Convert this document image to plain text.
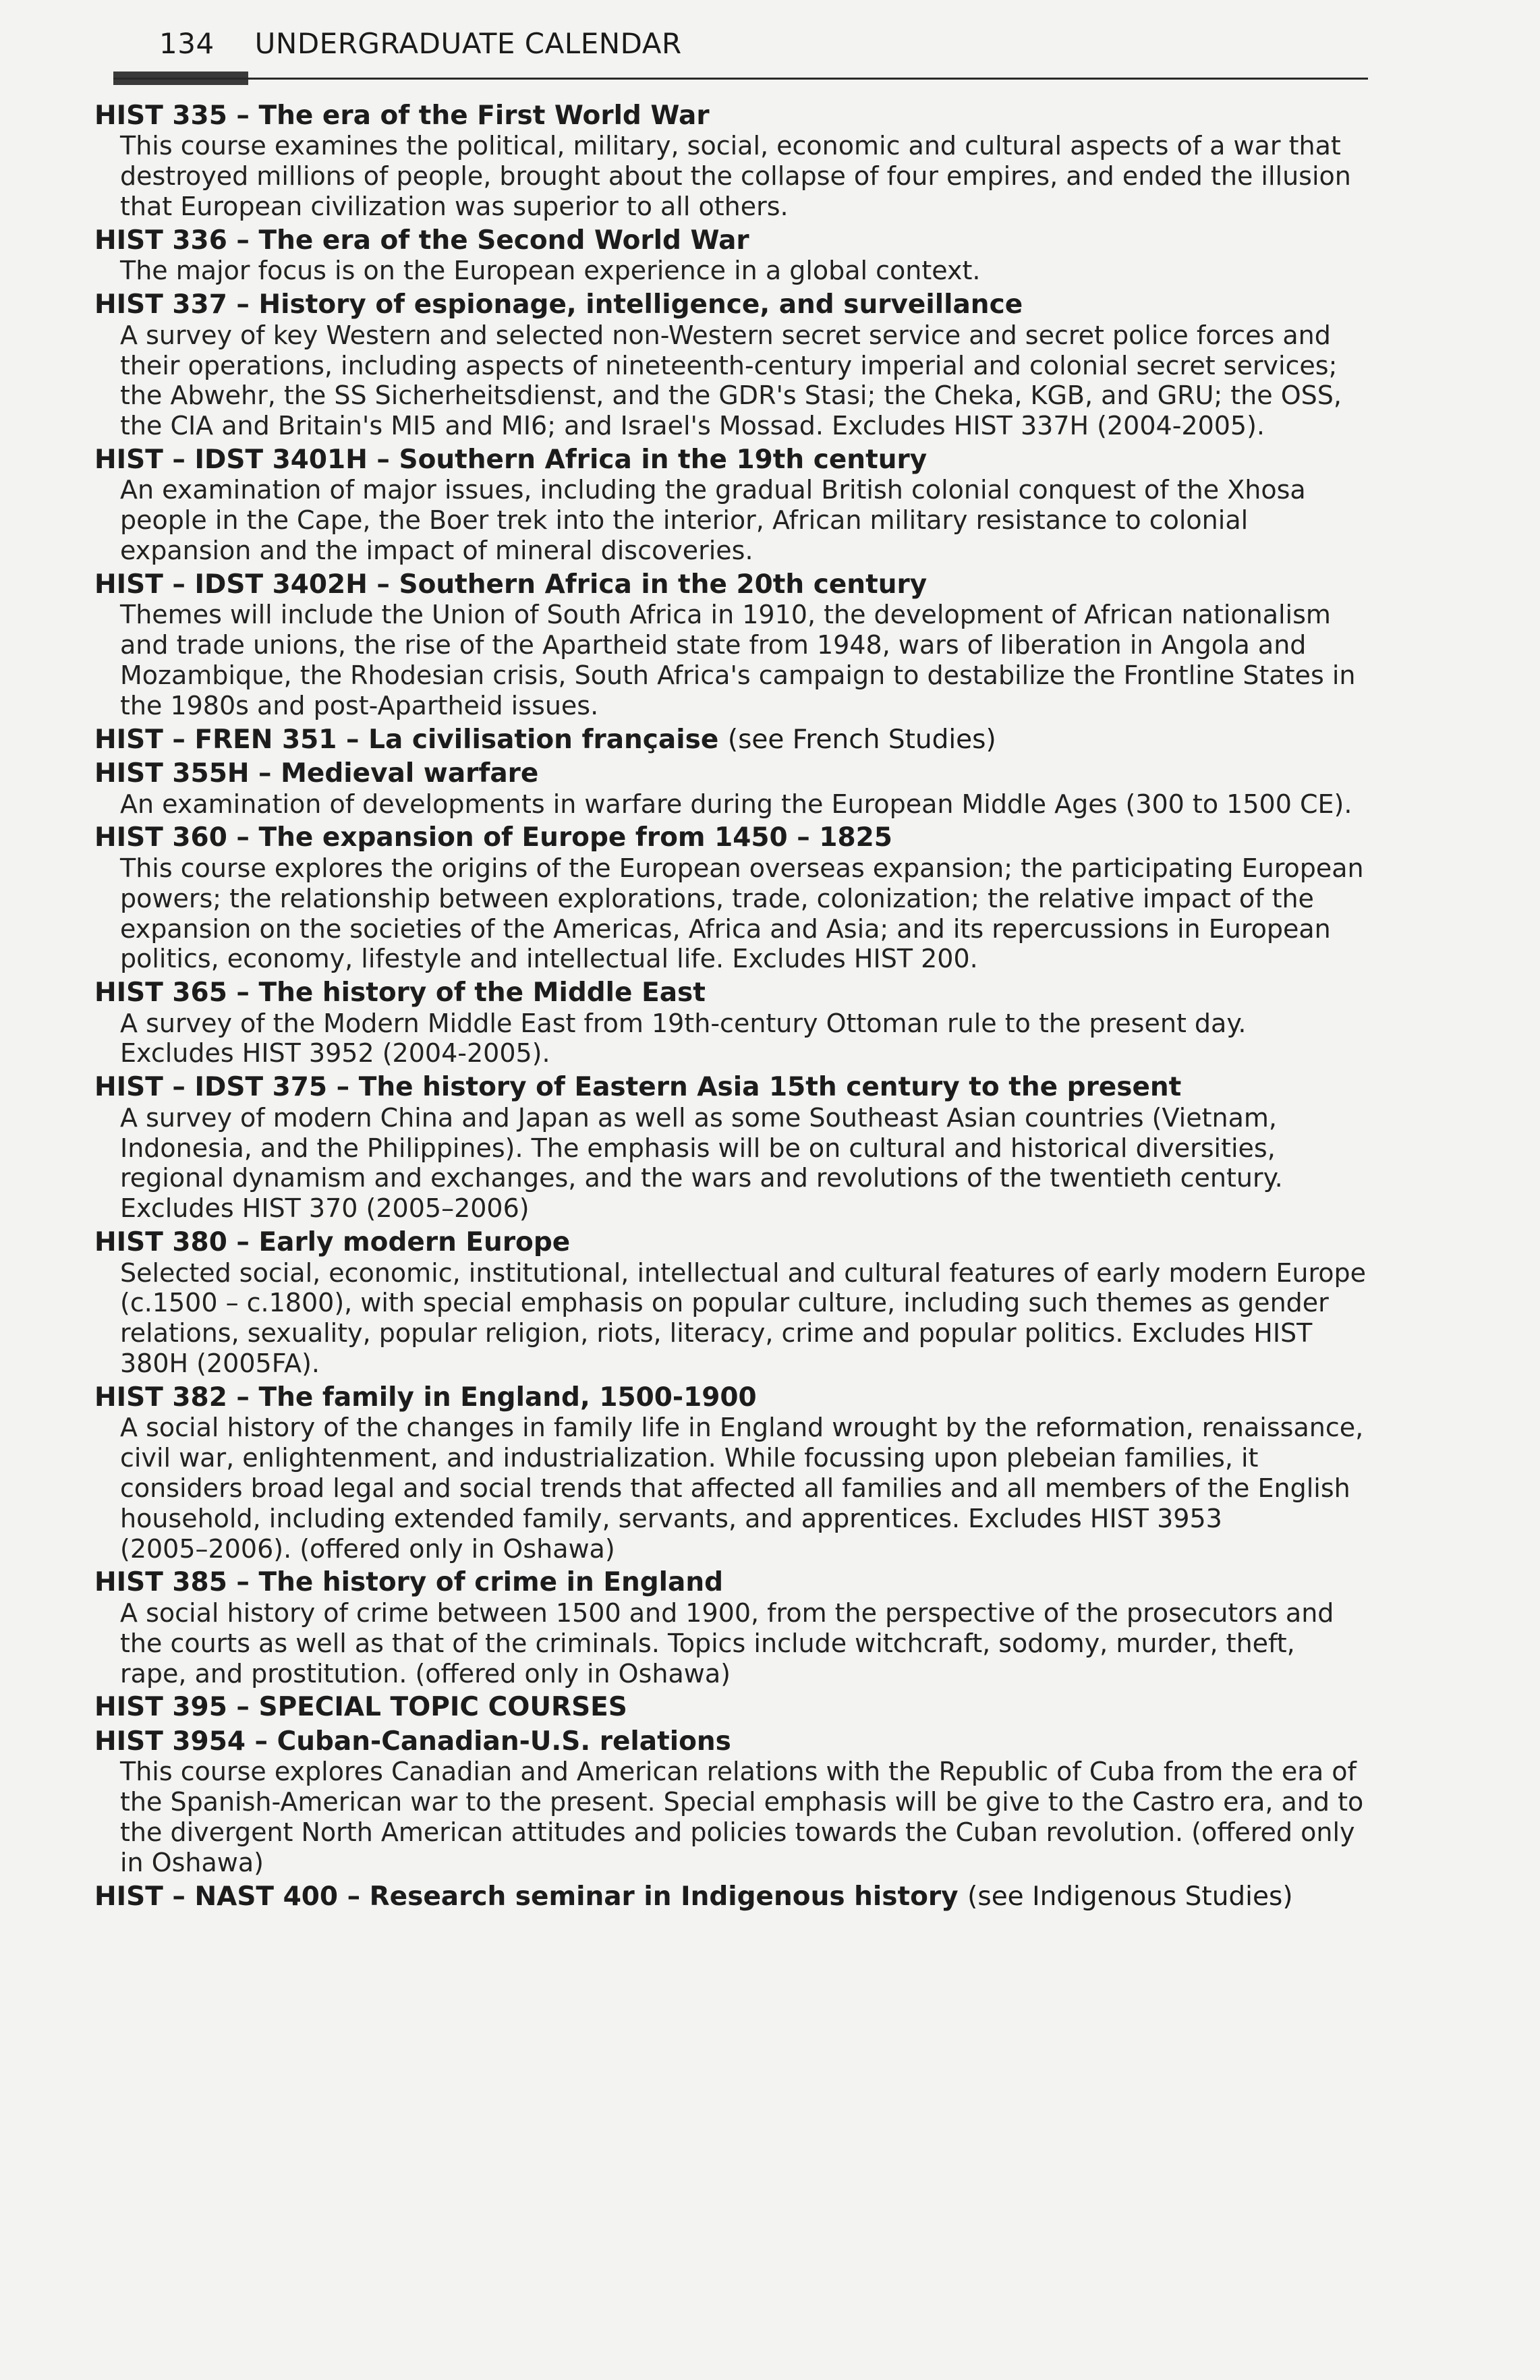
134 UNDERGRADUATE CALENDAR

HIST 335 – The era of the First World War

This course examines the political, military, social, economic and cultural aspects of a war that
destroyed millions of people, brought about the collapse of four empires, and ended the illusion
that European civilization was superior to all others.

HIST 336 – The era of the Second World War

The major focus is on the European experience in a global context.

HIST 337 – History of espionage, intelligence, and surveillance

A survey of key Western and selected non-Western secret service and secret police forces and
their operations, including aspects of nineteenth-century imperial and colonial secret services;
the Abwehr, the SS Sicherheitsdienst, and the GDR's Stasi; the Cheka, KGB, and GRU; the OSS,
the CIA and Britain's MI5 and MI6; and Israel's Mossad. Excludes HIST 337H (2004-2005).

HIST – IDST 3401H – Southern Africa in the 19th century

An examination of major issues, including the gradual British colonial conquest of the Xhosa
people in the Cape, the Boer trek into the interior, African military resistance to colonial
expansion and the impact of mineral discoveries.

HIST – IDST 3402H – Southern Africa in the 20th century

Themes will include the Union of South Africa in 1910, the development of African nationalism
and trade unions, the rise of the Apartheid state from 1948, wars of liberation in Angola and
Mozambique, the Rhodesian crisis, South Africa's campaign to destabilize the Frontline States in
the 1980s and post-Apartheid issues.

HIST – FREN 351 – La civilisation française (see French Studies)

HIST 355H – Medieval warfare

An examination of developments in warfare during the European Middle Ages (300 to 1500 CE).

HIST 360 – The expansion of Europe from 1450 – 1825

This course explores the origins of the European overseas expansion; the participating European
powers; the relationship between explorations, trade, colonization; the relative impact of the
expansion on the societies of the Americas, Africa and Asia; and its repercussions in European
politics, economy, lifestyle and intellectual life. Excludes HIST 200.

HIST 365 – The history of the Middle East

A survey of the Modern Middle East from 19th-century Ottoman rule to the present day.
Excludes HIST 3952 (2004-2005).

HIST – IDST 375 – The history of Eastern Asia 15th century to the present

A survey of modern China and Japan as well as some Southeast Asian countries (Vietnam,
Indonesia, and the Philippines). The emphasis will be on cultural and historical diversities,
regional dynamism and exchanges, and the wars and revolutions of the twentieth century.
Excludes HIST 370 (2005–2006)

HIST 380 – Early modern Europe

Selected social, economic, institutional, intellectual and cultural features of early modern Europe
(c.1500 – c.1800), with special emphasis on popular culture, including such themes as gender
relations, sexuality, popular religion, riots, literacy, crime and popular politics. Excludes HIST
380H (2005FA).

HIST 382 – The family in England, 1500-1900

A social history of the changes in family life in England wrought by the reformation, renaissance,
civil war, enlightenment, and industrialization. While focussing upon plebeian families, it
considers broad legal and social trends that affected all families and all members of the English
household, including extended family, servants, and apprentices. Excludes HIST 3953
(2005–2006). (offered only in Oshawa)

HIST 385 – The history of crime in England

A social history of crime between 1500 and 1900, from the perspective of the prosecutors and
the courts as well as that of the criminals. Topics include witchcraft, sodomy, murder, theft,
rape, and prostitution. (offered only in Oshawa)

HIST 395 – SPECIAL TOPIC COURSES

HIST 3954 – Cuban-Canadian-U.S. relations

This course explores Canadian and American relations with the Republic of Cuba from the era of
the Spanish-American war to the present. Special emphasis will be give to the Castro era, and to
the divergent North American attitudes and policies towards the Cuban revolution. (offered only
in Oshawa)

HIST – NAST 400 – Research seminar in Indigenous history (see Indigenous Studies)
